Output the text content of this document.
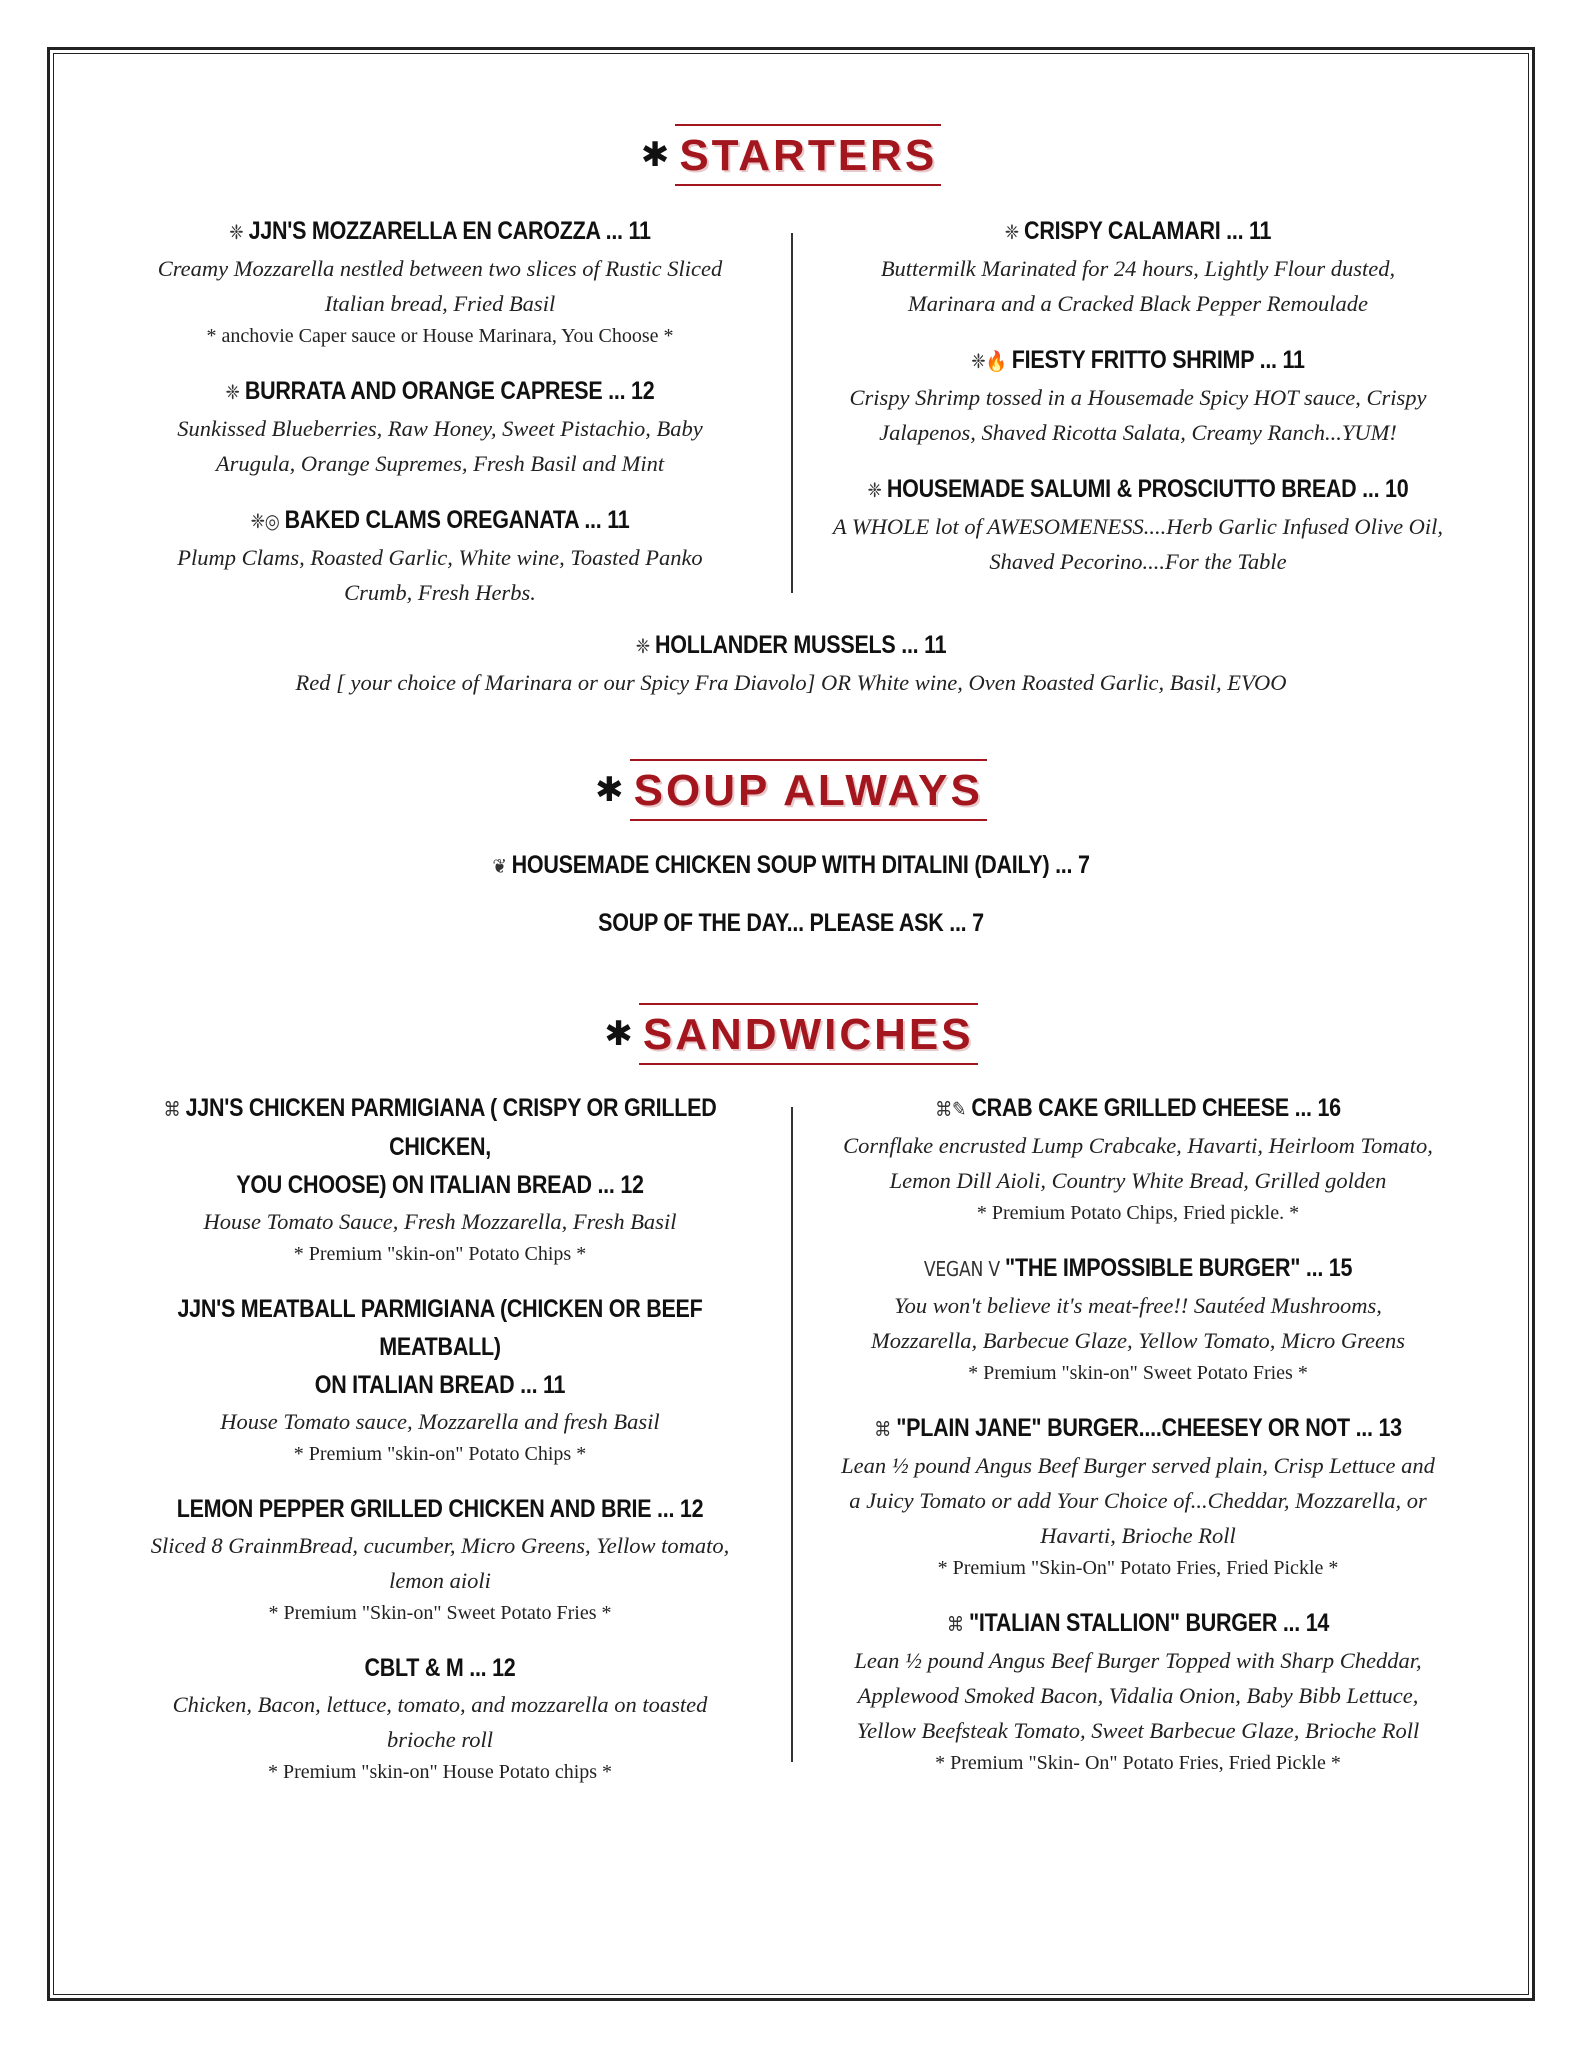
✱ STARTERS
❈ JJN'S MOZZARELLA EN CAROZZA ... 11
Creamy Mozzarella nestled between two slices of Rustic Sliced
Italian bread, Fried Basil
* anchovie Caper sauce or House Marinara, You Choose *
❈ BURRATA AND ORANGE CAPRESE ... 12
Sunkissed Blueberries, Raw Honey, Sweet Pistachio, Baby
Arugula, Orange Supremes, Fresh Basil and Mint
❈◎ BAKED CLAMS OREGANATA ... 11
Plump Clams, Roasted Garlic, White wine, Toasted Panko
Crumb, Fresh Herbs.
❈ CRISPY CALAMARI ... 11
Buttermilk Marinated for 24 hours, Lightly Flour dusted,
Marinara and a Cracked Black Pepper Remoulade
❈🔥 FIESTY FRITTO SHRIMP ... 11
Crispy Shrimp tossed in a Housemade Spicy HOT sauce, Crispy
Jalapenos, Shaved Ricotta Salata, Creamy Ranch...YUM!
❈ HOUSEMADE SALUMI & PROSCIUTTO BREAD ... 10
A WHOLE lot of AWESOMENESS....Herb Garlic Infused Olive Oil,
Shaved Pecorino....For the Table
❈ HOLLANDER MUSSELS ... 11
Red [ your choice of Marinara or our Spicy Fra Diavolo] OR White wine, Oven Roasted Garlic, Basil, EVOO
✱ SOUP ALWAYS
❦ HOUSEMADE CHICKEN SOUP WITH DITALINI (DAILY) ... 7
SOUP OF THE DAY... PLEASE ASK ... 7
✱ SANDWICHES
⌘ JJN'S CHICKEN PARMIGIANA ( CRISPY OR GRILLED CHICKEN,
YOU CHOOSE) ON ITALIAN BREAD ... 12
House Tomato Sauce, Fresh Mozzarella, Fresh Basil
* Premium "skin-on" Potato Chips *
JJN'S MEATBALL PARMIGIANA (CHICKEN OR BEEF MEATBALL)
ON ITALIAN BREAD ... 11
House Tomato sauce, Mozzarella and fresh Basil
* Premium "skin-on" Potato Chips *
LEMON PEPPER GRILLED CHICKEN AND BRIE ... 12
Sliced 8 GrainmBread, cucumber, Micro Greens, Yellow tomato,
lemon aioli
* Premium "Skin-on" Sweet Potato Fries *
CBLT & M ... 12
Chicken, Bacon, lettuce, tomato, and mozzarella on toasted
brioche roll
* Premium "skin-on" House Potato chips *
⌘✎ CRAB CAKE GRILLED CHEESE ... 16
Cornflake encrusted Lump Crabcake, Havarti, Heirloom Tomato,
Lemon Dill Aioli, Country White Bread, Grilled golden
* Premium Potato Chips, Fried pickle. *
VEGAN V "THE IMPOSSIBLE BURGER" ... 15
You won't believe it's meat-free!! Sautéed Mushrooms,
Mozzarella, Barbecue Glaze, Yellow Tomato, Micro Greens
* Premium "skin-on" Sweet Potato Fries *
⌘ "PLAIN JANE" BURGER....CHEESEY OR NOT ... 13
Lean ½ pound Angus Beef Burger served plain, Crisp Lettuce and
a Juicy Tomato or add Your Choice of...Cheddar, Mozzarella, or
Havarti, Brioche Roll
* Premium "Skin-On" Potato Fries, Fried Pickle *
⌘ "ITALIAN STALLION" BURGER ... 14
Lean ½ pound Angus Beef Burger Topped with Sharp Cheddar,
Applewood Smoked Bacon, Vidalia Onion, Baby Bibb Lettuce,
Yellow Beefsteak Tomato, Sweet Barbecue Glaze, Brioche Roll
* Premium "Skin- On" Potato Fries, Fried Pickle *
